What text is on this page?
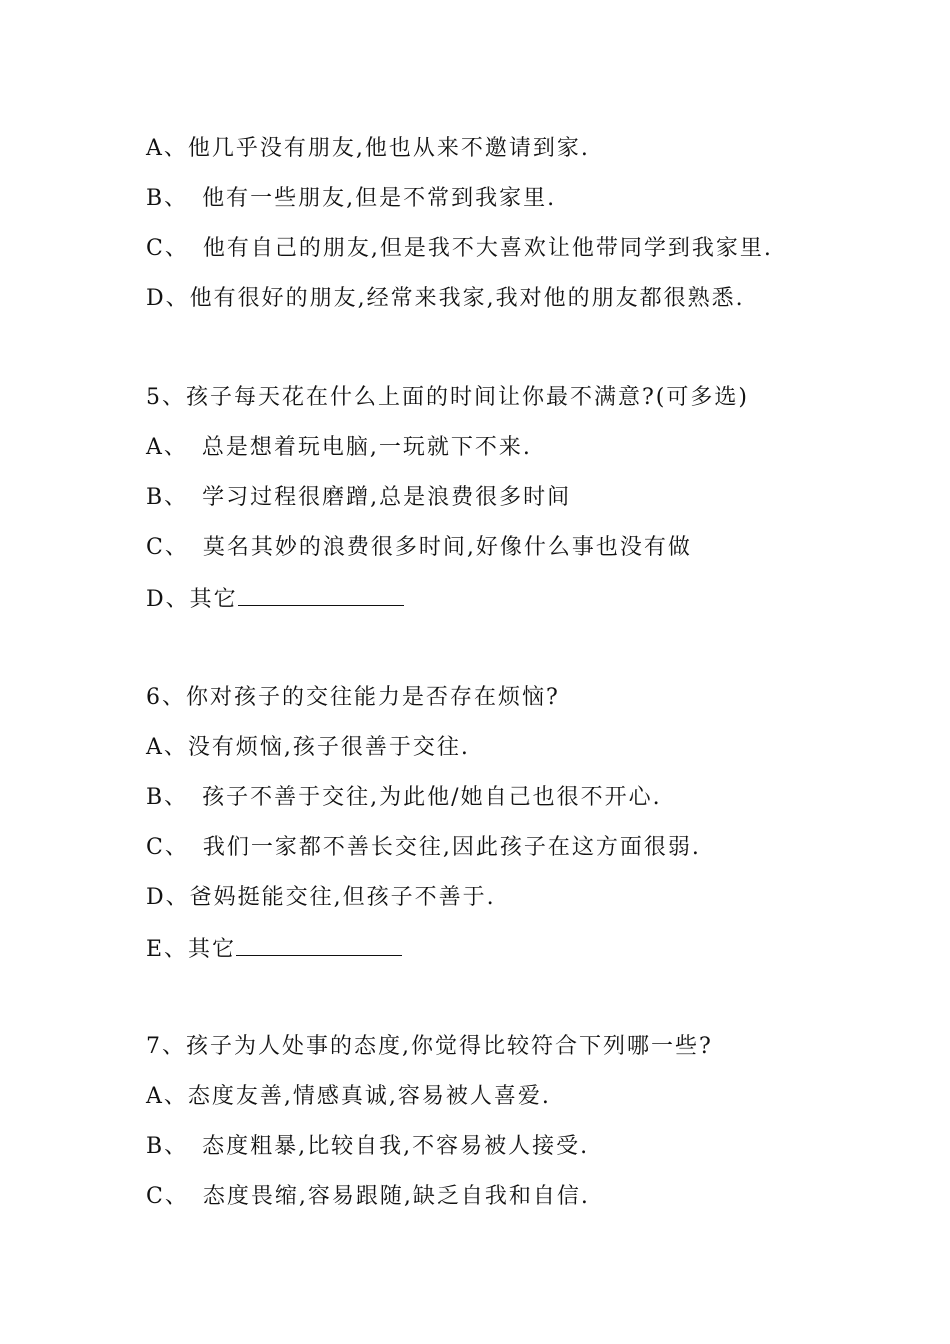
A、他几乎没有朋友,他也从来不邀请到家.
B、 他有一些朋友,但是不常到我家里.
C、 他有自己的朋友,但是我不大喜欢让他带同学到我家里.
D、他有很好的朋友,经常来我家,我对他的朋友都很熟悉.
5、孩子每天花在什么上面的时间让你最不满意?(可多选)
A、 总是想着玩电脑,一玩就下不来.
B、 学习过程很磨蹭,总是浪费很多时间
C、 莫名其妙的浪费很多时间,好像什么事也没有做
D、其它
6、你对孩子的交往能力是否存在烦恼?
A、没有烦恼,孩子很善于交往.
B、 孩子不善于交往,为此他/她自己也很不开心.
C、 我们一家都不善长交往,因此孩子在这方面很弱.
D、爸妈挺能交往,但孩子不善于.
E、其它
7、孩子为人处事的态度,你觉得比较符合下列哪一些?
A、态度友善,情感真诚,容易被人喜爱.
B、 态度粗暴,比较自我,不容易被人接受.
C、 态度畏缩,容易跟随,缺乏自我和自信.
